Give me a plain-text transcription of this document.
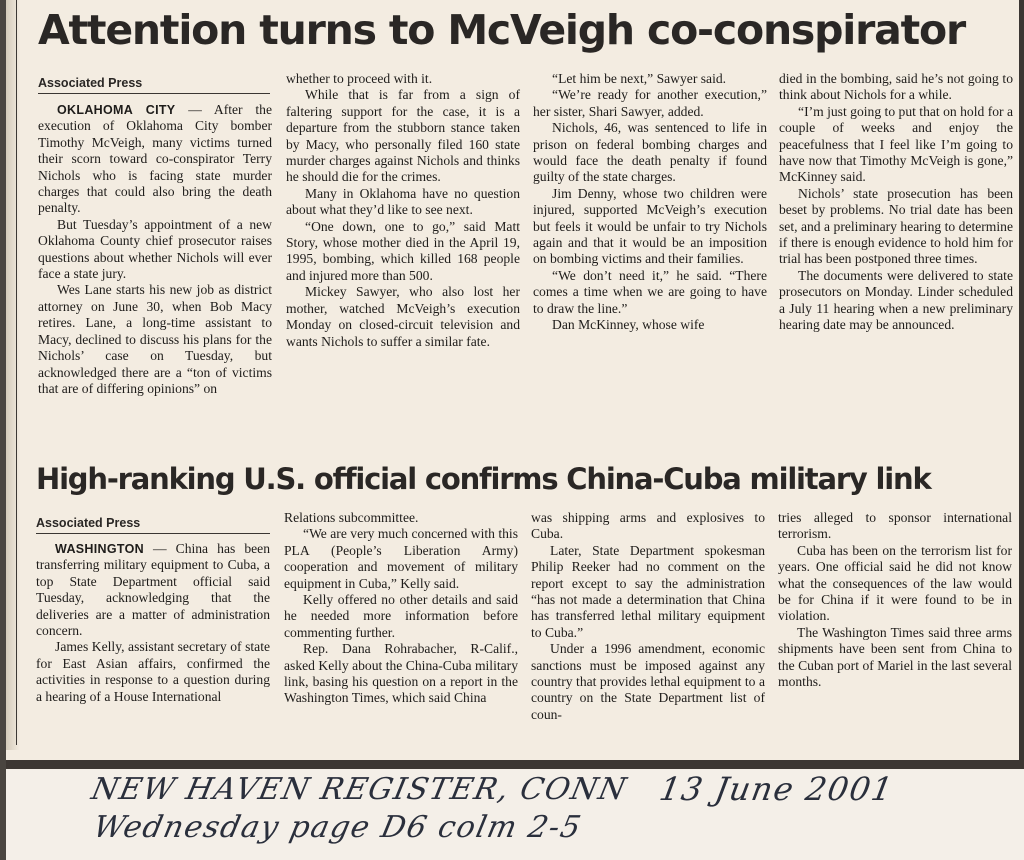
Attention turns to McVeigh co-conspirator
Associated Press

OKLAHOMA CITY — After the execution of Oklahoma City bomber Timothy McVeigh, many victims turned their scorn toward co-conspirator Terry Nichols who is facing state murder charges that could also bring the death penalty.

But Tuesday’s appointment of a new Oklahoma County chief prosecutor raises questions about whether Nichols will ever face a state jury.

Wes Lane starts his new job as district attorney on June 30, when Bob Macy retires. Lane, a long-time assistant to Macy, declined to discuss his plans for the Nichols’ case on Tuesday, but acknowledged there are a “ton of victims that are of differing opinions” on

whether to proceed with it.

While that is far from a sign of faltering support for the case, it is a departure from the stubborn stance taken by Macy, who personally filed 160 state murder charges against Nichols and thinks he should die for the crimes.

Many in Oklahoma have no question about what they’d like to see next.

“One down, one to go,” said Matt Story, whose mother died in the April 19, 1995, bombing, which killed 168 people and injured more than 500.

Mickey Sawyer, who also lost her mother, watched McVeigh’s execution Monday on closed-circuit television and wants Nichols to suffer a similar fate.

“Let him be next,” Sawyer said.

“We’re ready for another execution,” her sister, Shari Sawyer, added.

Nichols, 46, was sentenced to life in prison on federal bombing charges and would face the death penalty if found guilty of the state charges.

Jim Denny, whose two children were injured, supported McVeigh’s execution but feels it would be unfair to try Nichols again and that it would be an imposition on bombing victims and their families.

“We don’t need it,” he said. “There comes a time when we are going to have to draw the line.”

Dan McKinney, whose wife

died in the bombing, said he’s not going to think about Nichols for a while.

“I’m just going to put that on hold for a couple of weeks and enjoy the peacefulness that I feel like I’m going to have now that Timothy McVeigh is gone,” McKinney said.

Nichols’ state prosecution has been beset by problems. No trial date has been set, and a preliminary hearing to determine if there is enough evidence to hold him for trial has been postponed three times.

The documents were delivered to state prosecutors on Monday. Linder scheduled a July 11 hearing when a new preliminary hearing date may be announced.

High-ranking U.S. official confirms China-Cuba military link
Associated Press

WASHINGTON — China has been transferring military equipment to Cuba, a top State Department official said Tuesday, acknowledging that the deliveries are a matter of administration concern.

James Kelly, assistant secretary of state for East Asian affairs, confirmed the activities in response to a question during a hearing of a House International

Relations subcommittee.

“We are very much concerned with this PLA (People’s Liberation Army) cooperation and movement of military equipment in Cuba,” Kelly said.

Kelly offered no other details and said he needed more information before commenting further.

Rep. Dana Rohrabacher, R-Calif., asked Kelly about the China-Cuba military link, basing his question on a report in the Washington Times, which said China

was shipping arms and explosives to Cuba.

Later, State Department spokesman Philip Reeker had no comment on the report except to say the administration “has not made a determination that China has transferred lethal military equipment to Cuba.”

Under a 1996 amendment, economic sanctions must be imposed against any country that provides lethal equipment to a country on the State Department list of coun-

tries alleged to sponsor international terrorism.

Cuba has been on the terrorism list for years. One official said he did not know what the consequences of the law would be for China if it were found to be in violation.

The Washington Times said three arms shipments have been sent from China to the Cuban port of Mariel in the last several months.

NEW HAVEN REGISTER, CONN 13 June 2001
Wednesday page D6 colm 2-5
